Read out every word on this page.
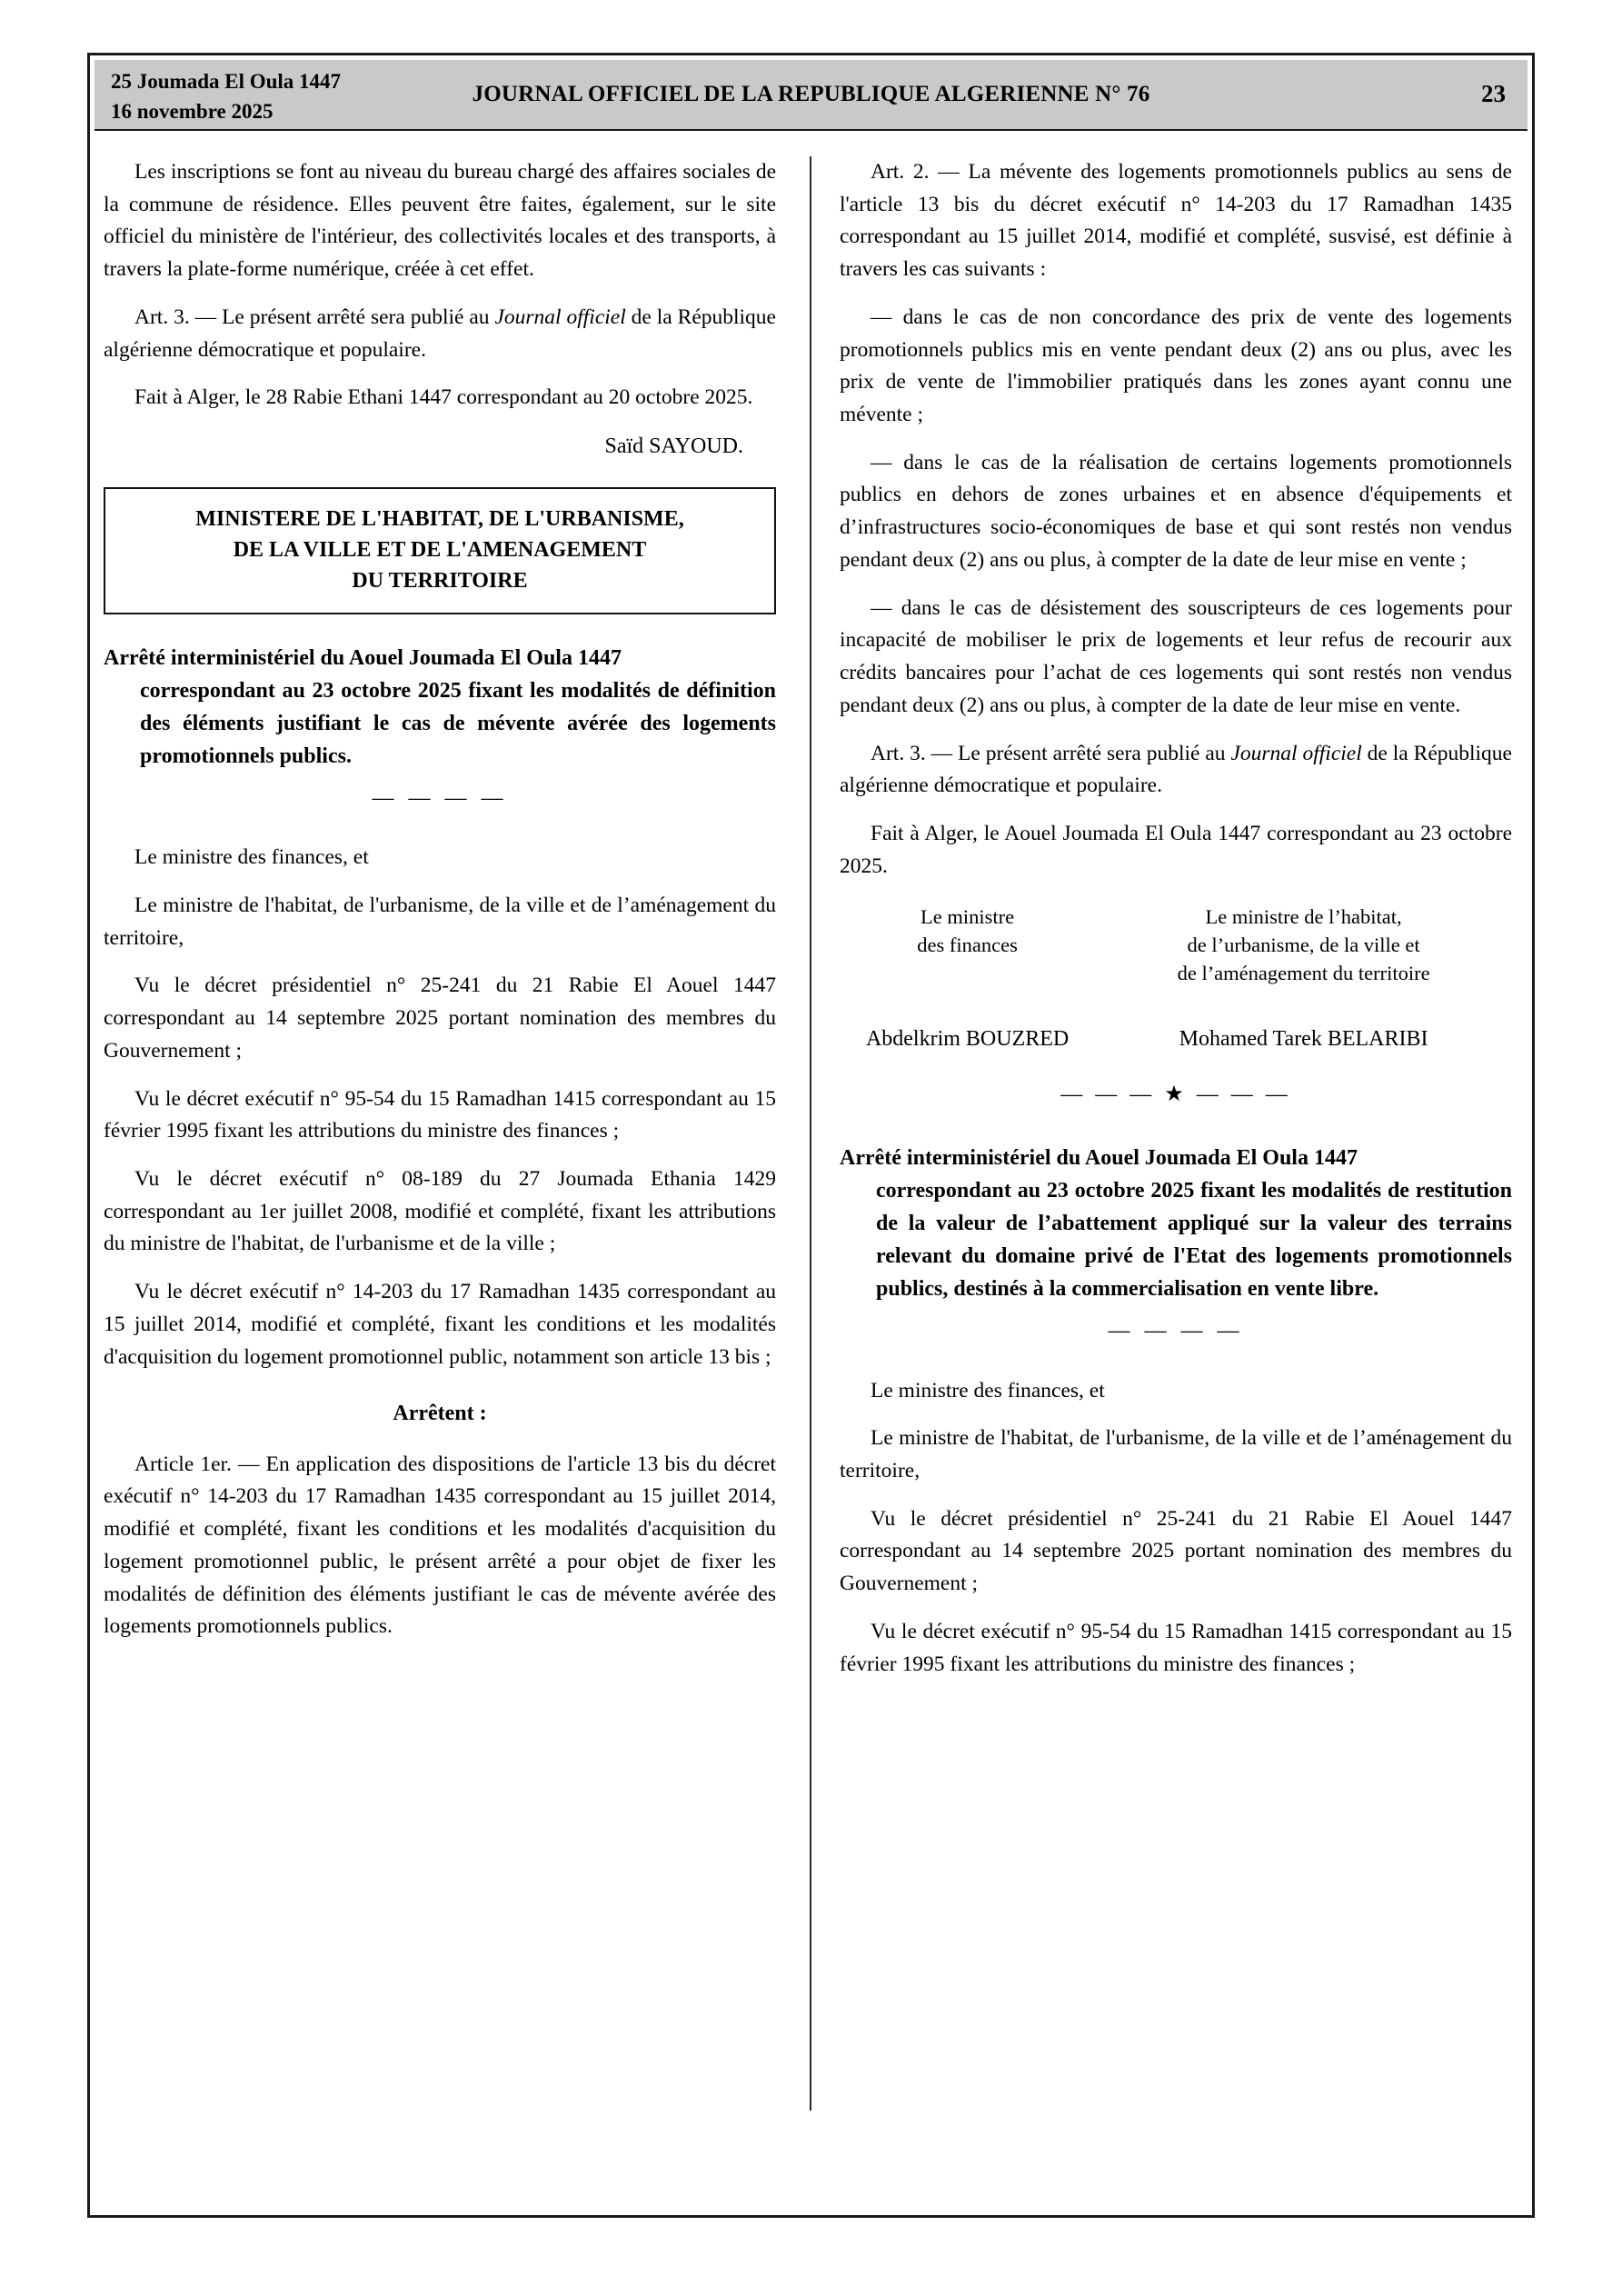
25 Joumada El Oula 1447
16 novembre 2025
JOURNAL OFFICIEL DE LA REPUBLIQUE ALGERIENNE N° 76	23

Les inscriptions se font au niveau du bureau chargé des affaires sociales de la commune de résidence. Elles peuvent être faites, également, sur le site officiel du ministère de l'intérieur, des collectivités locales et des transports, à travers la plate-forme numérique, créée à cet effet.

Art. 3. — Le présent arrêté sera publié au Journal officiel de la République algérienne démocratique et populaire.

Fait à Alger, le 28 Rabie Ethani 1447 correspondant au 20 octobre 2025.

Saïd SAYOUD.

MINISTERE DE L'HABITAT, DE L'URBANISME,
DE LA VILLE ET DE L'AMENAGEMENT
DU TERRITOIRE
Arrêté interministériel du Aouel Joumada El Oula 1447
correspondant au 23 octobre 2025 fixant les modalités de définition des éléments justifiant le cas de mévente avérée des logements promotionnels publics.
— — — —

Le ministre des finances, et

Le ministre de l'habitat, de l'urbanisme, de la ville et de l’aménagement du territoire,

Vu le décret présidentiel n° 25-241 du 21 Rabie El Aouel 1447 correspondant au 14 septembre 2025 portant nomination des membres du Gouvernement ;

Vu le décret exécutif n° 95-54 du 15 Ramadhan 1415 correspondant au 15 février 1995 fixant les attributions du ministre des finances ;

Vu le décret exécutif n° 08-189 du 27 Joumada Ethania 1429 correspondant au 1er juillet 2008, modifié et complété, fixant les attributions du ministre de l'habitat, de l'urbanisme et de la ville ;

Vu le décret exécutif n° 14-203 du 17 Ramadhan 1435 correspondant au 15 juillet 2014, modifié et complété, fixant les conditions et les modalités d'acquisition du logement promotionnel public, notamment son article 13 bis ;

Arrêtent :

Article 1er. — En application des dispositions de l'article 13 bis du décret exécutif n° 14-203 du 17 Ramadhan 1435 correspondant au 15 juillet 2014, modifié et complété, fixant les conditions et les modalités d'acquisition du logement promotionnel public, le présent arrêté a pour objet de fixer les modalités de définition des éléments justifiant le cas de mévente avérée des logements promotionnels publics.

Art. 2. — La mévente des logements promotionnels publics au sens de l'article 13 bis du décret exécutif n° 14-203 du 17 Ramadhan 1435 correspondant au 15 juillet 2014, modifié et complété, susvisé, est définie à travers les cas suivants :

— dans le cas de non concordance des prix de vente des logements promotionnels publics mis en vente pendant deux (2) ans ou plus, avec les prix de vente de l'immobilier pratiqués dans les zones ayant connu une mévente ;

— dans le cas de la réalisation de certains logements promotionnels publics en dehors de zones urbaines et en absence d'équipements et d’infrastructures socio-économiques de base et qui sont restés non vendus pendant deux (2) ans ou plus, à compter de la date de leur mise en vente ;

— dans le cas de désistement des souscripteurs de ces logements pour incapacité de mobiliser le prix de logements et leur refus de recourir aux crédits bancaires pour l’achat de ces logements qui sont restés non vendus pendant deux (2) ans ou plus, à compter de la date de leur mise en vente.

Art. 3. — Le présent arrêté sera publié au Journal officiel de la République algérienne démocratique et populaire.

Fait à Alger, le Aouel Joumada El Oula 1447 correspondant au 23 octobre 2025.

Le ministre
des finances
Le ministre de l’habitat,
de l’urbanisme, de la ville et
de l’aménagement du territoire
Abdelkrim BOUZRED	Mohamed Tarek BELARIBI
— — — ★ — — —
Arrêté interministériel du Aouel Joumada El Oula 1447
correspondant au 23 octobre 2025 fixant les modalités de restitution de la valeur de l’abattement appliqué sur la valeur des terrains relevant du domaine privé de l'Etat des logements promotionnels publics, destinés à la commercialisation en vente libre.
— — — —

Le ministre des finances, et

Le ministre de l'habitat, de l'urbanisme, de la ville et de l’aménagement du territoire,

Vu le décret présidentiel n° 25-241 du 21 Rabie El Aouel 1447 correspondant au 14 septembre 2025 portant nomination des membres du Gouvernement ;

Vu le décret exécutif n° 95-54 du 15 Ramadhan 1415 correspondant au 15 février 1995 fixant les attributions du ministre des finances ;
